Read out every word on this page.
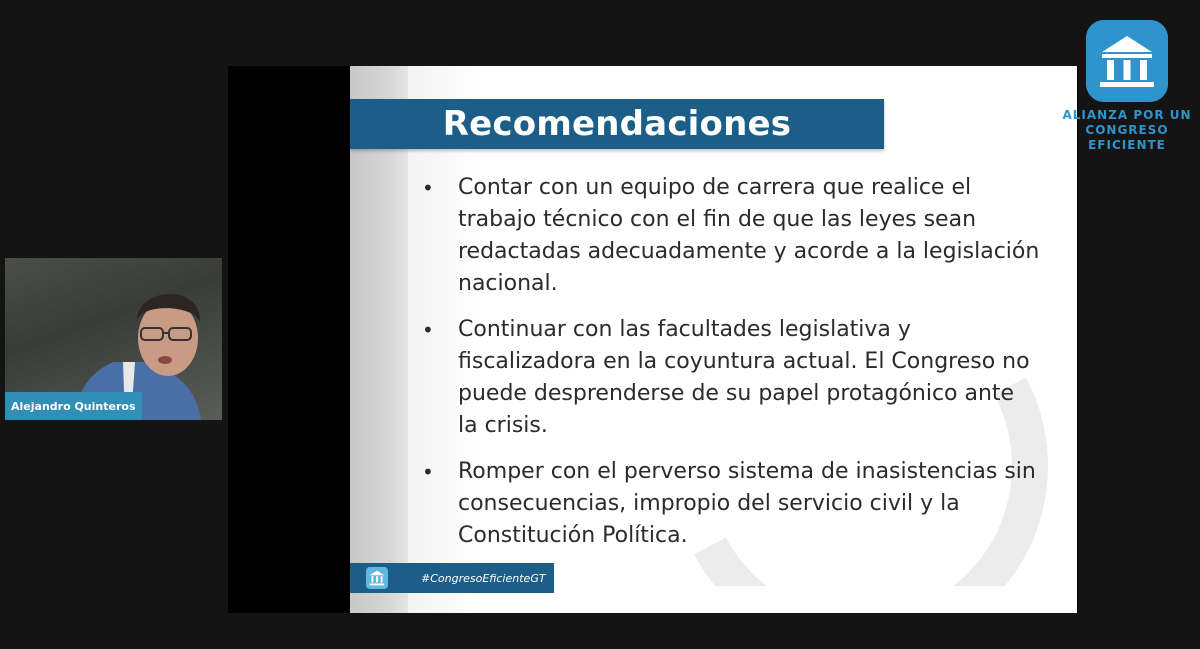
Recomendaciones
• Contar con un equipo de carrera que realice el trabajo técnico con el fin de que las leyes sean redactadas adecuadamente y acorde a la legislación nacional.
• Continuar con las facultades legislativa y fiscalizadora en la coyuntura actual. El Congreso no puede desprenderse de su papel protagónico ante la crisis.
• Romper con el perverso sistema de inasistencias sin consecuencias, impropio del servicio civil y la Constitución Política.
#CongresoEficienteGT
Alejandro Quinteros
ALIANZA POR UN
CONGRESO EFICIENTE
